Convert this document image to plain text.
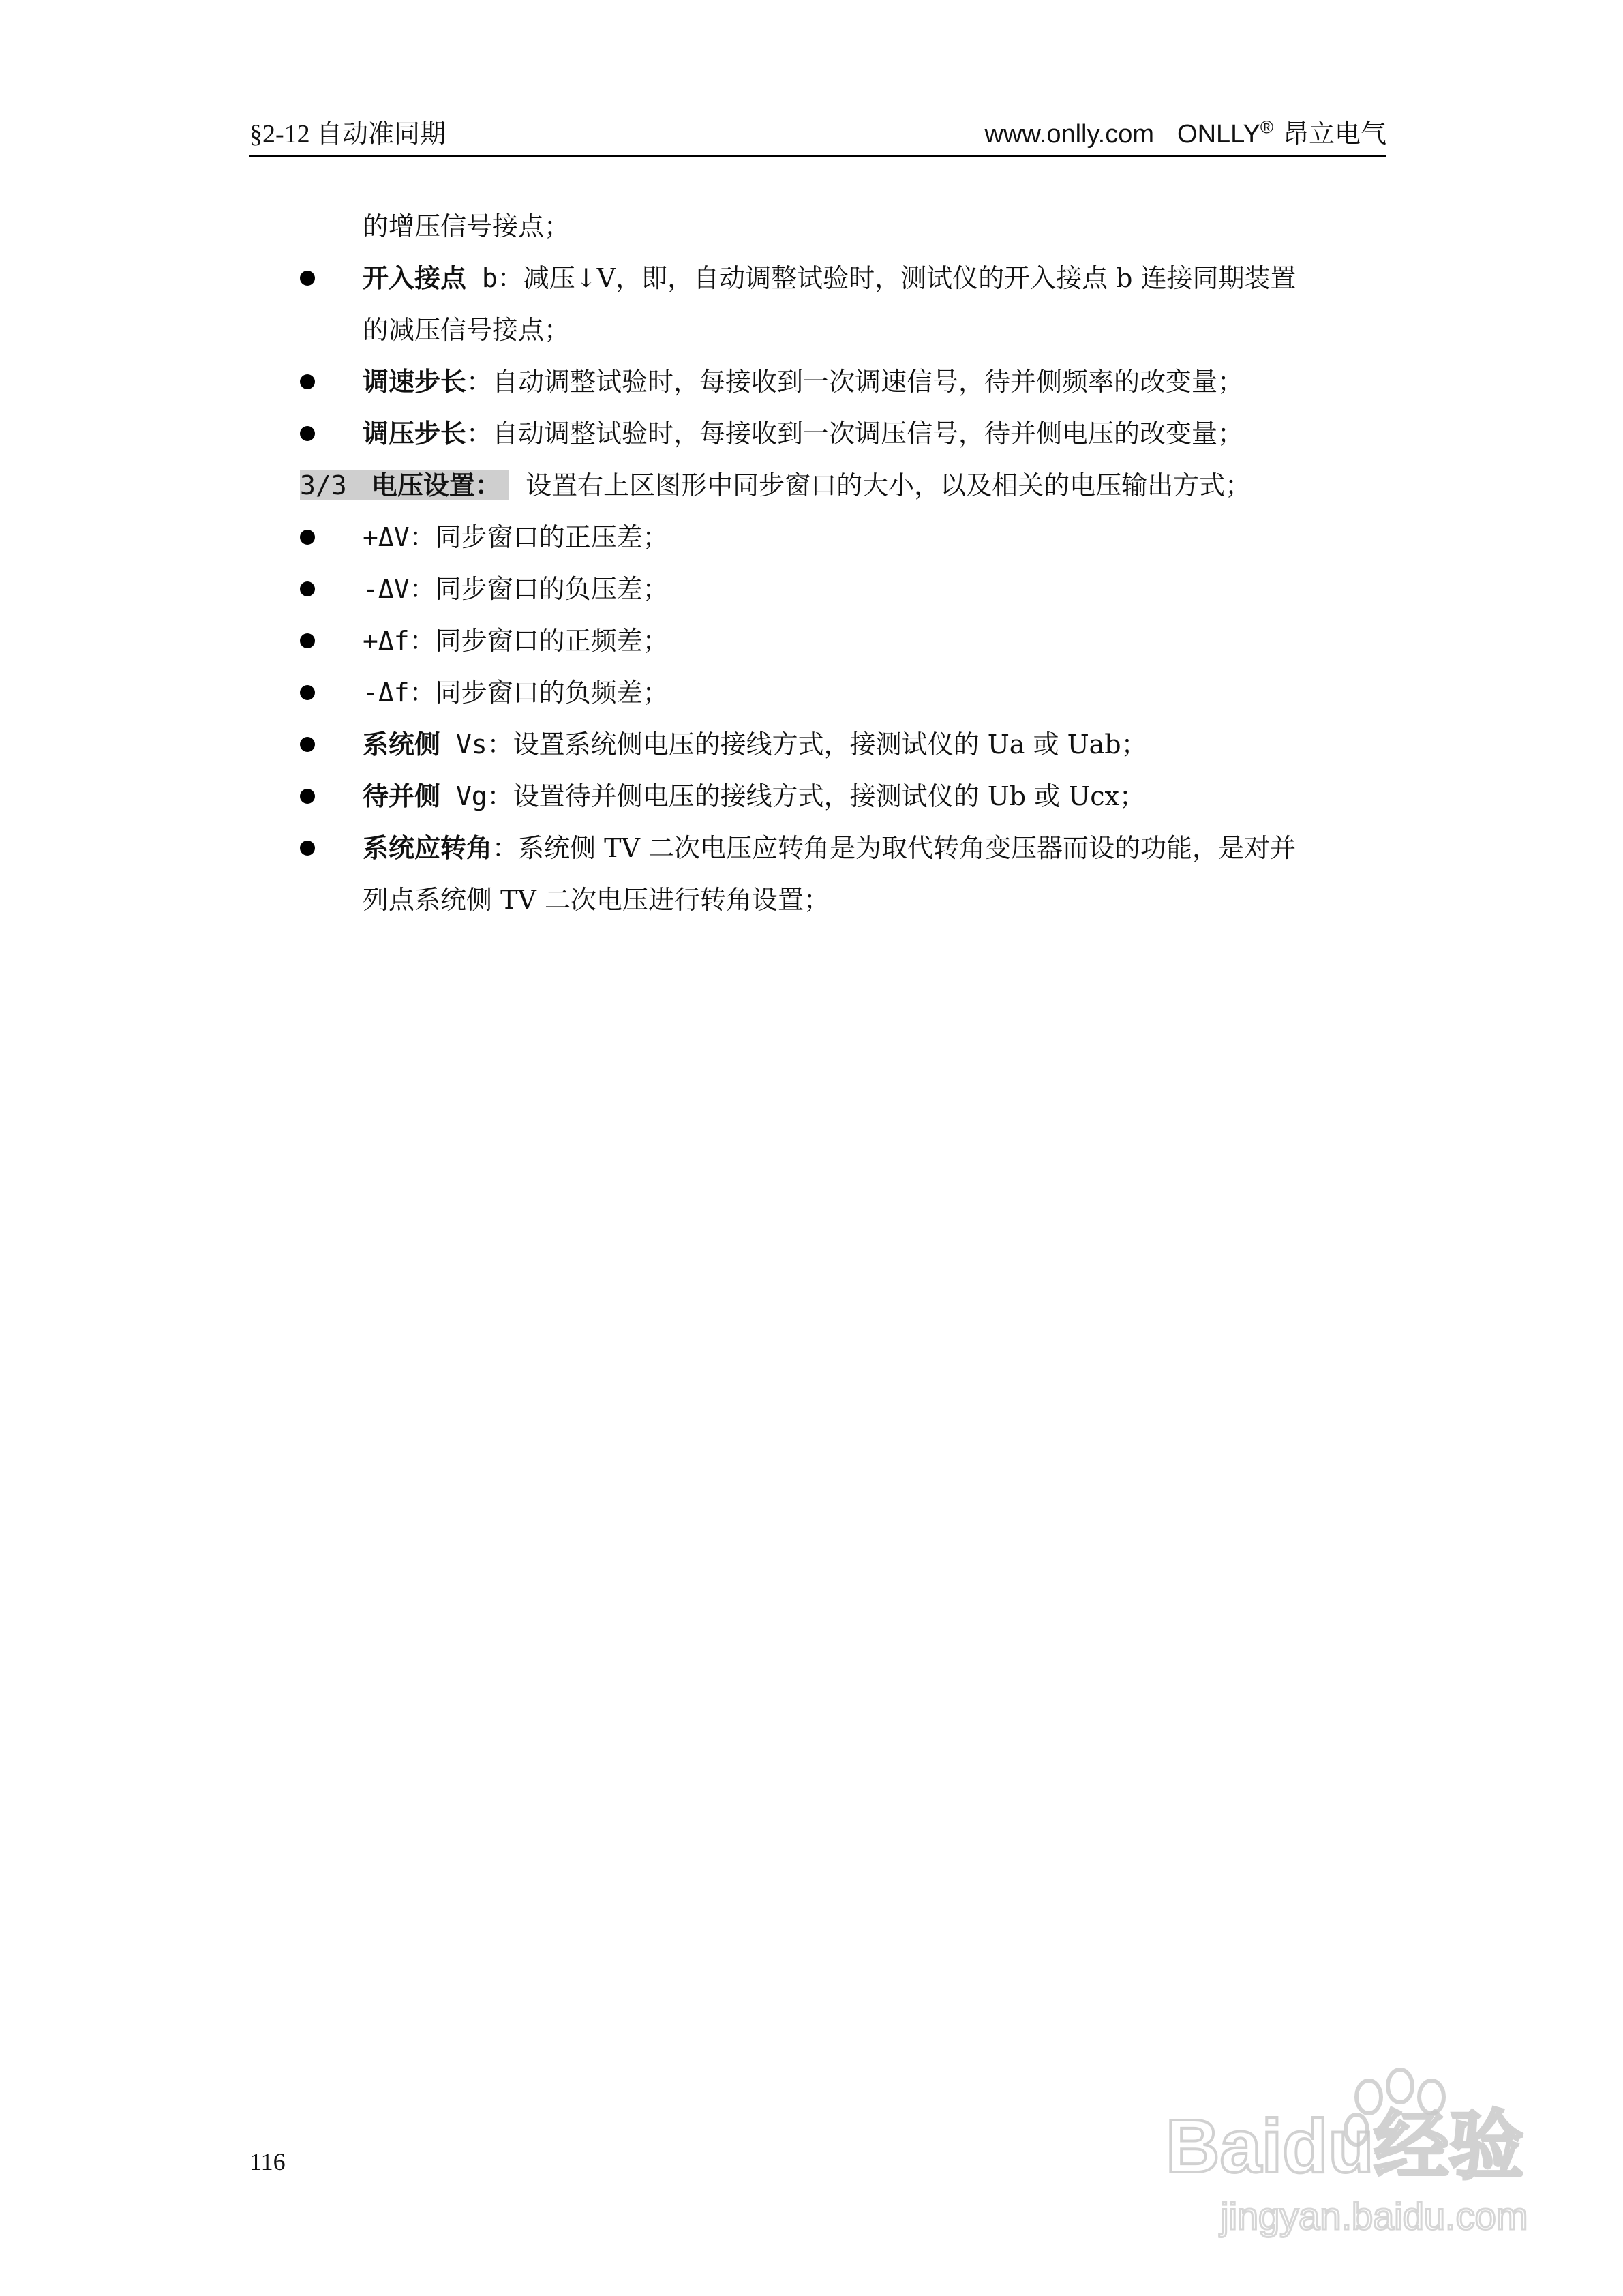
§2-12 自动准同期	www.onlly.com ONLLY® 昂立电气
的增压信号接点；
开入接点 b：减压↓V，即，自动调整试验时，测试仪的开入接点 b 连接同期装置
的减压信号接点；
调速步长：自动调整试验时，每接收到一次调速信号，待并侧频率的改变量；
调压步长：自动调整试验时，每接收到一次调压信号，待并侧电压的改变量；
3/3 电压设置： 设置右上区图形中同步窗口的大小，以及相关的电压输出方式；
+ΔV：同步窗口的正压差；
-ΔV：同步窗口的负压差；
+Δf：同步窗口的正频差；
-Δf：同步窗口的负频差；
系统侧 Vs：设置系统侧电压的接线方式，接测试仪的 Ua 或 Uab；
待并侧 Vg：设置待并侧电压的接线方式，接测试仪的 Ub 或 Ucx；
系统应转角：系统侧 TV 二次电压应转角是为取代转角变压器而设的功能，是对并
列点系统侧 TV 二次电压进行转角设置；
116	Baidu经验
jingyan.baidu.com
